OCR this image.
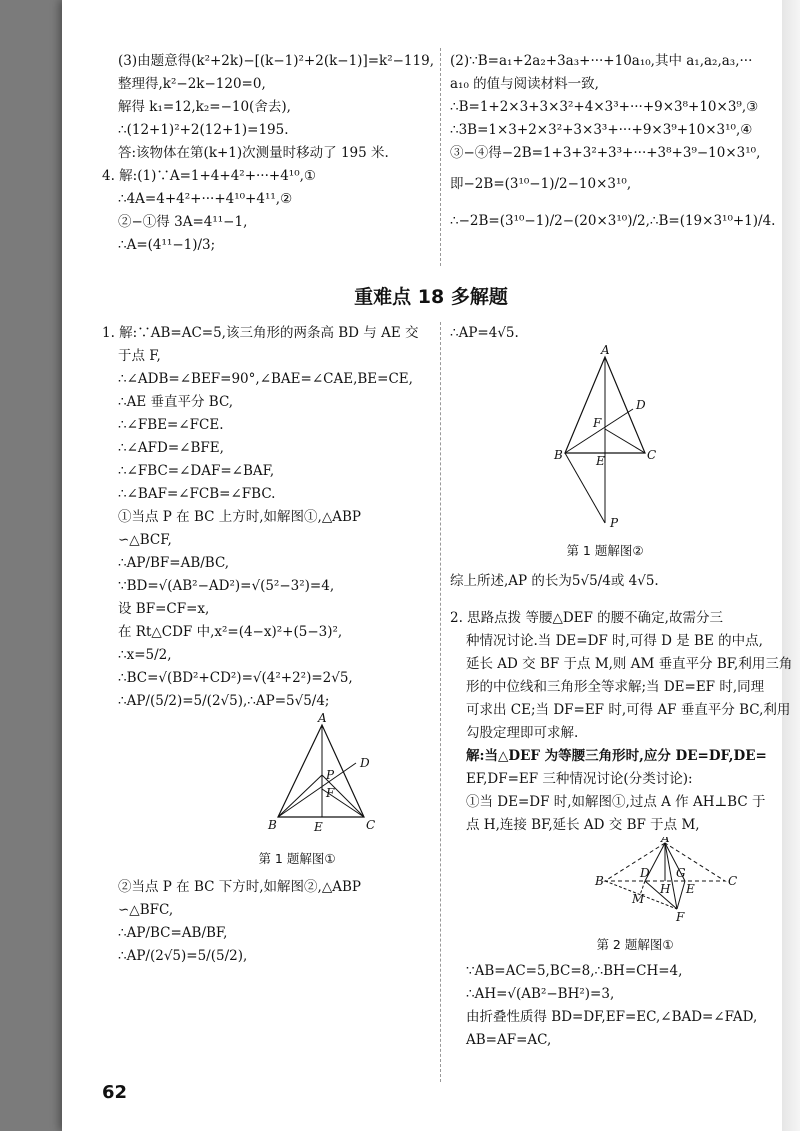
(3)由题意得(k²+2k)−[(k−1)²+2(k−1)]=k²−119,
整理得,k²−2k−120=0,
解得 k₁=12,k₂=−10(舍去),
∴(12+1)²+2(12+1)=195.
答:该物体在第(k+1)次测量时移动了 195 米.
4. 解:(1)∵A=1+4+4²+···+4¹⁰,①
∴4A=4+4²+···+4¹⁰+4¹¹,②
②−①得 3A=4¹¹−1,
∴A=(4¹¹−1)/3;
(2)∵B=a₁+2a₂+3a₃+···+10a₁₀,其中 a₁,a₂,a₃,···
a₁₀ 的值与阅读材料一致,
∴B=1+2×3+3×3²+4×3³+···+9×3⁸+10×3⁹,③
∴3B=1×3+2×3²+3×3³+···+9×3⁹+10×3¹⁰,④
③−④得−2B=1+3+3²+3³+···+3⁸+3⁹−10×3¹⁰,
即−2B=(3¹⁰−1)/2−10×3¹⁰,
∴−2B=(3¹⁰−1)/2−(20×3¹⁰)/2,∴B=(19×3¹⁰+1)/4.
重难点 18 多解题
1. 解:∵AB=AC=5,该三角形的两条高 BD 与 AE 交
于点 F,
∴∠ADB=∠BEF=90°,∠BAE=∠CAE,BE=CE,
∴AE 垂直平分 BC,
∴∠FBE=∠FCE.
∴∠AFD=∠BFE,
∴∠FBC=∠DAF=∠BAF,
∴∠BAF=∠FCB=∠FBC.
①当点 P 在 BC 上方时,如解图①,△ABP
∽△BCF,
∴AP/BF=AB/BC,
∵BD=√(AB²−AD²)=√(5²−3²)=4,
设 BF=CF=x,
在 Rt△CDF 中,x²=(4−x)²+(5−3)²,
∴x=5/2,
∴BC=√(BD²+CD²)=√(4²+2²)=2√5,
∴AP/(5/2)=5/(2√5),∴AP=5√5/4;
A
D
P
F
B	E	C
第 1 题解图①
②当点 P 在 BC 下方时,如解图②,△ABP
∽△BFC,
∴AP/BC=AB/BF,
∴AP/(2√5)=5/(5/2),
∴AP=4√5.
A
D
F
B	E	C
P
第 1 题解图②
综上所述,AP 的长为5√5/4或 4√5.
2. 思路点拨 等腰△DEF 的腰不确定,故需分三
种情况讨论.当 DE=DF 时,可得 D 是 BE 的中点,
延长 AD 交 BF 于点 M,则 AM 垂直平分 BF,利用三角
形的中位线和三角形全等求解;当 DE=EF 时,同理
可求出 CE;当 DF=EF 时,可得 AF 垂直平分 BC,利用
勾股定理即可求解.
解:当△DEF 为等腰三角形时,应分 DE=DF,DE=
EF,DF=EF 三种情况讨论(分类讨论):
①当 DE=DF 时,如解图①,过点 A 作 AH⊥BC 于
点 H,连接 BF,延长 AD 交 BF 于点 M,
A
B
D G
H E
C
M
F
第 2 题解图①
∵AB=AC=5,BC=8,∴BH=CH=4,
∴AH=√(AB²−BH²)=3,
由折叠性质得 BD=DF,EF=EC,∠BAD=∠FAD,
AB=AF=AC,
62
